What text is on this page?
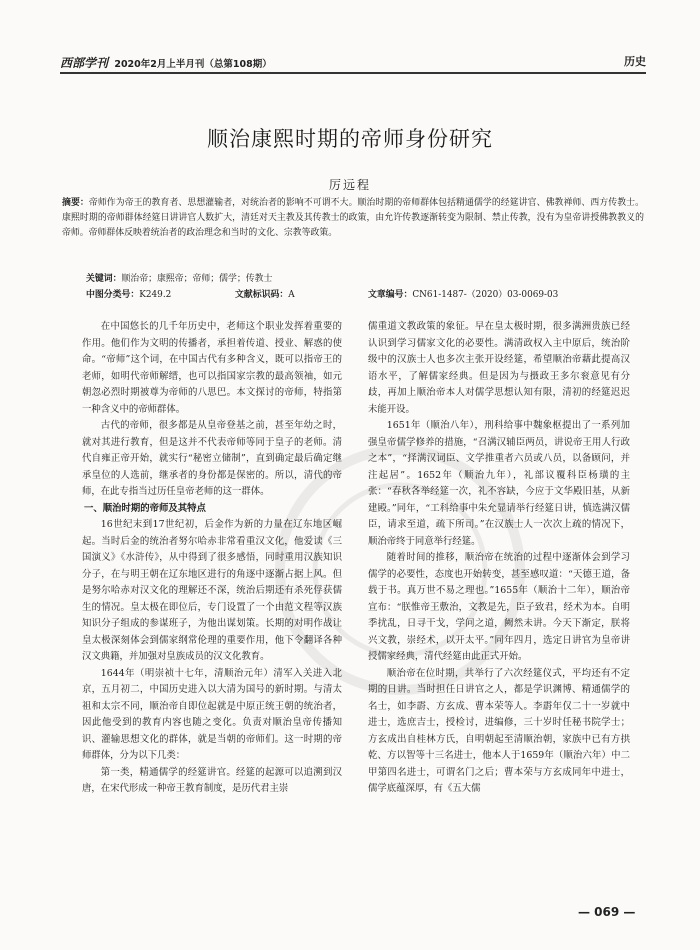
西部学刊 2020年2月上半月刊（总第108期）	历史
顺治康熙时期的帝师身份研究
厉远程
摘要：帝师作为帝王的教育者、思想灌输者，对统治者的影响不可谓不大。顺治时期的帝师群体包括精通儒学的经筵讲官、佛教禅师、西方传教士。康熙时期的帝师群体经筵日讲讲官人数扩大，清廷对天主教及其传教士的政策，由允许传教逐渐转变为限制、禁止传教，没有为皇帝讲授佛教教义的帝师。帝师群体反映着统治者的政治理念和当时的文化、宗教等政策。
关键词：顺治帝；康熙帝；帝师；儒学；传教士
中图分类号：K249.2	文献标识码：A	文章编号：CN61-1487-（2020）03-0069-03

在中国悠长的几千年历史中，老师这个职业发挥着重要的作用。他们作为文明的传播者，承担着传道、授业、解惑的使命。“帝师”这个词，在中国古代有多种含义，既可以指帝王的老师，如明代帝师解缙，也可以指国家宗教的最高领袖，如元朝忽必烈时期被尊为帝师的八思巴。本文探讨的帝师，特指第一种含义中的帝师群体。

古代的帝师，很多都是从皇帝登基之前，甚至年幼之时，就对其进行教育，但是这并不代表帝师等同于皇子的老师。清代自雍正帝开始，就实行“秘密立储制”，直到确定最后确定继承皇位的人选前，继承者的身份都是保密的。所以，清代的帝师，在此专指当过历任皇帝老师的这一群体。

一、顺治时期的帝师及其特点

16世纪末到17世纪初，后金作为新的力量在辽东地区崛起。当时后金的统治者努尔哈赤非常看重汉文化，他爱读《三国演义》《水浒传》，从中得到了很多感悟，同时重用汉族知识分子，在与明王朝在辽东地区进行的角逐中逐渐占据上风。但是努尔哈赤对汉文化的理解还不深，统治后期还有杀死俘获儒生的情况。皇太极在即位后，专门设置了一个由范文程等汉族知识分子组成的参谋班子，为他出谋划策。长期的对明作战让皇太极深刻体会到儒家纲常伦理的重要作用，他下令翻译各种汉文典籍，并加强对皇族成员的汉文化教育。

1644年（明崇祯十七年，清顺治元年）清军入关进入北京，五月初二，中国历史进入以大清为国号的新时期。与清太祖和太宗不同，顺治帝自即位起就是中原正统王朝的统治者，因此他受到的教育内容也随之变化。负责对顺治皇帝传播知识、灌输思想文化的群体，就是当朝的帝师们。这一时期的帝师群体，分为以下几类：

第一类，精通儒学的经筵讲官。经筵的起源可以追溯到汉唐，在宋代形成一种帝王教育制度，是历代君主崇

儒重道文教政策的象征。早在皇太极时期，很多满洲贵族已经认识到学习儒家文化的必要性。满清政权入主中原后，统治阶级中的汉族士人也多次主张开设经筵，希望顺治帝藉此提高汉语水平，了解儒家经典。但是因为与摄政王多尔衮意见有分歧，再加上顺治帝本人对儒学思想认知有限，清初的经筵迟迟未能开设。

1651年（顺治八年），刑科给事中魏象枢提出了一系列加强皇帝儒学修养的措施，“召满汉辅臣两员，讲说帝王用人行政之本”，“择满汉词臣、文学推重者六员或八员，以备顾问，并注起居”。1652年（顺治九年），礼部议覆科臣杨璜的主张：“春秋各举经筵一次，礼不容缺，今应于文华殿旧基，从新建殿。”同年，“工科给事中朱允显请举行经筵日讲，慎选满汉儒臣，请求至道，疏下所司。”在汉族士人一次次上疏的情况下，顺治帝终于同意举行经筵。

随着时间的推移，顺治帝在统治的过程中逐渐体会到学习儒学的必要性，态度也开始转变，甚至感叹道：“天德王道，备载于书。真万世不易之理也。”1655年（顺治十二年），顺治帝宣布：“朕惟帝王敷治，文教是先，臣子致君，经术为本。自明季扰乱，日寻干戈，学问之道，阙然未讲。今天下渐定，朕将兴文教，崇经术，以开太平。”同年四月，选定日讲官为皇帝讲授儒家经典，清代经筵由此正式开始。

顺治帝在位时期，共举行了六次经筵仪式，平均还有不定期的日讲。当时担任日讲官之人，都是学识渊博、精通儒学的名士，如李霨、方玄成、曹本荣等人。李霨年仅二十一岁就中进士，选庶吉士，授检讨，进编修，三十岁时任秘书院学士；方玄成出自桂林方氏，自明朝起至清顺治朝，家族中已有方拱乾、方以智等十三名进士，他本人于1659年（顺治六年）中二甲第四名进士，可谓名门之后；曹本荣与方玄成同年中进士，儒学底蕴深厚，有《五大儒

— 069 —
